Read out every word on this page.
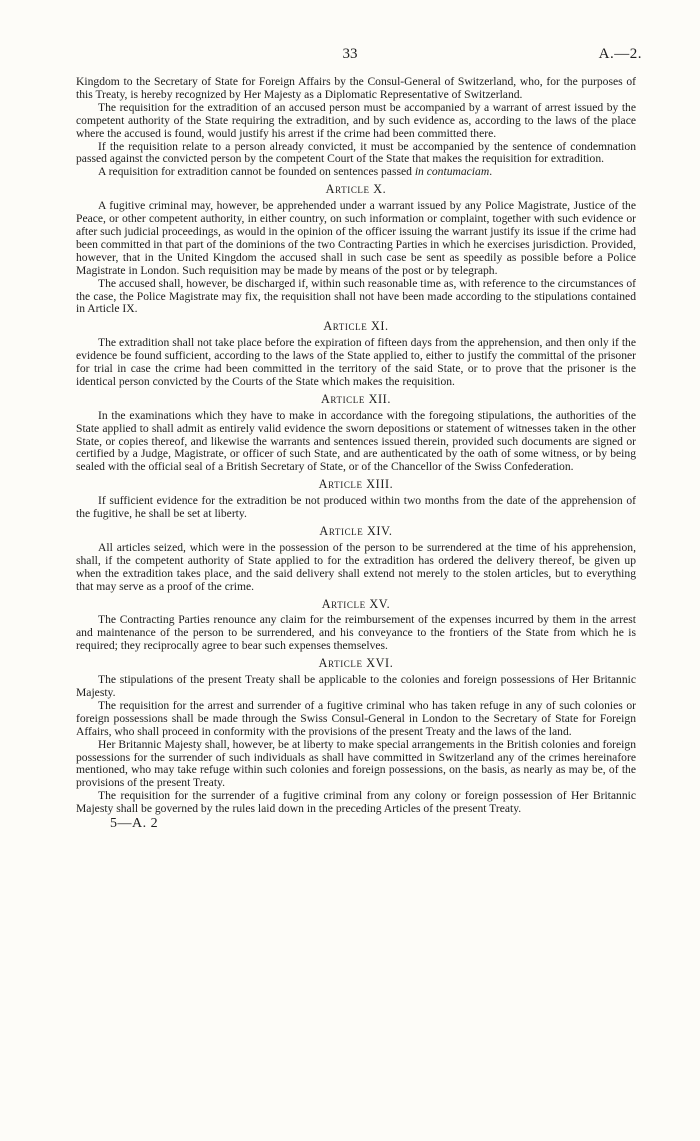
33	A.—2.

Kingdom to the Secretary of State for Foreign Affairs by the Consul-General of Switzerland, who, for the purposes of this Treaty, is hereby recognized by Her Majesty as a Diplomatic Representative of Switzerland.

The requisition for the extradition of an accused person must be accompanied by a warrant of arrest issued by the competent authority of the State requiring the extradition, and by such evidence as, according to the laws of the place where the accused is found, would justify his arrest if the crime had been committed there.

If the requisition relate to a person already convicted, it must be accompanied by the sentence of condemnation passed against the convicted person by the competent Court of the State that makes the requisition for extradition.

A requisition for extradition cannot be founded on sentences passed in contumaciam.

Article X.

A fugitive criminal may, however, be apprehended under a warrant issued by any Police Magistrate, Justice of the Peace, or other competent authority, in either country, on such information or complaint, together with such evidence or after such judicial proceedings, as would in the opinion of the officer issuing the warrant justify its issue if the crime had been committed in that part of the dominions of the two Contracting Parties in which he exercises jurisdiction. Provided, however, that in the United Kingdom the accused shall in such case be sent as speedily as possible before a Police Magistrate in London. Such requisition may be made by means of the post or by telegraph.

The accused shall, however, be discharged if, within such reasonable time as, with reference to the circumstances of the case, the Police Magistrate may fix, the requisition shall not have been made according to the stipulations contained in Article IX.

Article XI.

The extradition shall not take place before the expiration of fifteen days from the apprehension, and then only if the evidence be found sufficient, according to the laws of the State applied to, either to justify the committal of the prisoner for trial in case the crime had been committed in the territory of the said State, or to prove that the prisoner is the identical person convicted by the Courts of the State which makes the requisition.

Article XII.

In the examinations which they have to make in accordance with the foregoing stipulations, the authorities of the State applied to shall admit as entirely valid evidence the sworn depositions or statement of witnesses taken in the other State, or copies thereof, and likewise the warrants and sentences issued therein, provided such documents are signed or certified by a Judge, Magistrate, or officer of such State, and are authenticated by the oath of some witness, or by being sealed with the official seal of a British Secretary of State, or of the Chancellor of the Swiss Confederation.

Article XIII.

If sufficient evidence for the extradition be not produced within two months from the date of the apprehension of the fugitive, he shall be set at liberty.

Article XIV.

All articles seized, which were in the possession of the person to be surrendered at the time of his apprehension, shall, if the competent authority of State applied to for the extradition has ordered the delivery thereof, be given up when the extradition takes place, and the said delivery shall extend not merely to the stolen articles, but to everything that may serve as a proof of the crime.

Article XV.

The Contracting Parties renounce any claim for the reimbursement of the expenses incurred by them in the arrest and maintenance of the person to be surrendered, and his conveyance to the frontiers of the State from which he is required; they reciprocally agree to bear such expenses themselves.

Article XVI.

The stipulations of the present Treaty shall be applicable to the colonies and foreign possessions of Her Britannic Majesty.

The requisition for the arrest and surrender of a fugitive criminal who has taken refuge in any of such colonies or foreign possessions shall be made through the Swiss Consul-General in London to the Secretary of State for Foreign Affairs, who shall proceed in conformity with the provisions of the present Treaty and the laws of the land.

Her Britannic Majesty shall, however, be at liberty to make special arrangements in the British colonies and foreign possessions for the surrender of such individuals as shall have committed in Switzerland any of the crimes hereinafore mentioned, who may take refuge within such colonies and foreign possessions, on the basis, as nearly as may be, of the provisions of the present Treaty.

The requisition for the surrender of a fugitive criminal from any colony or foreign possession of Her Britannic Majesty shall be governed by the rules laid down in the preceding Articles of the present Treaty.

5—A. 2
